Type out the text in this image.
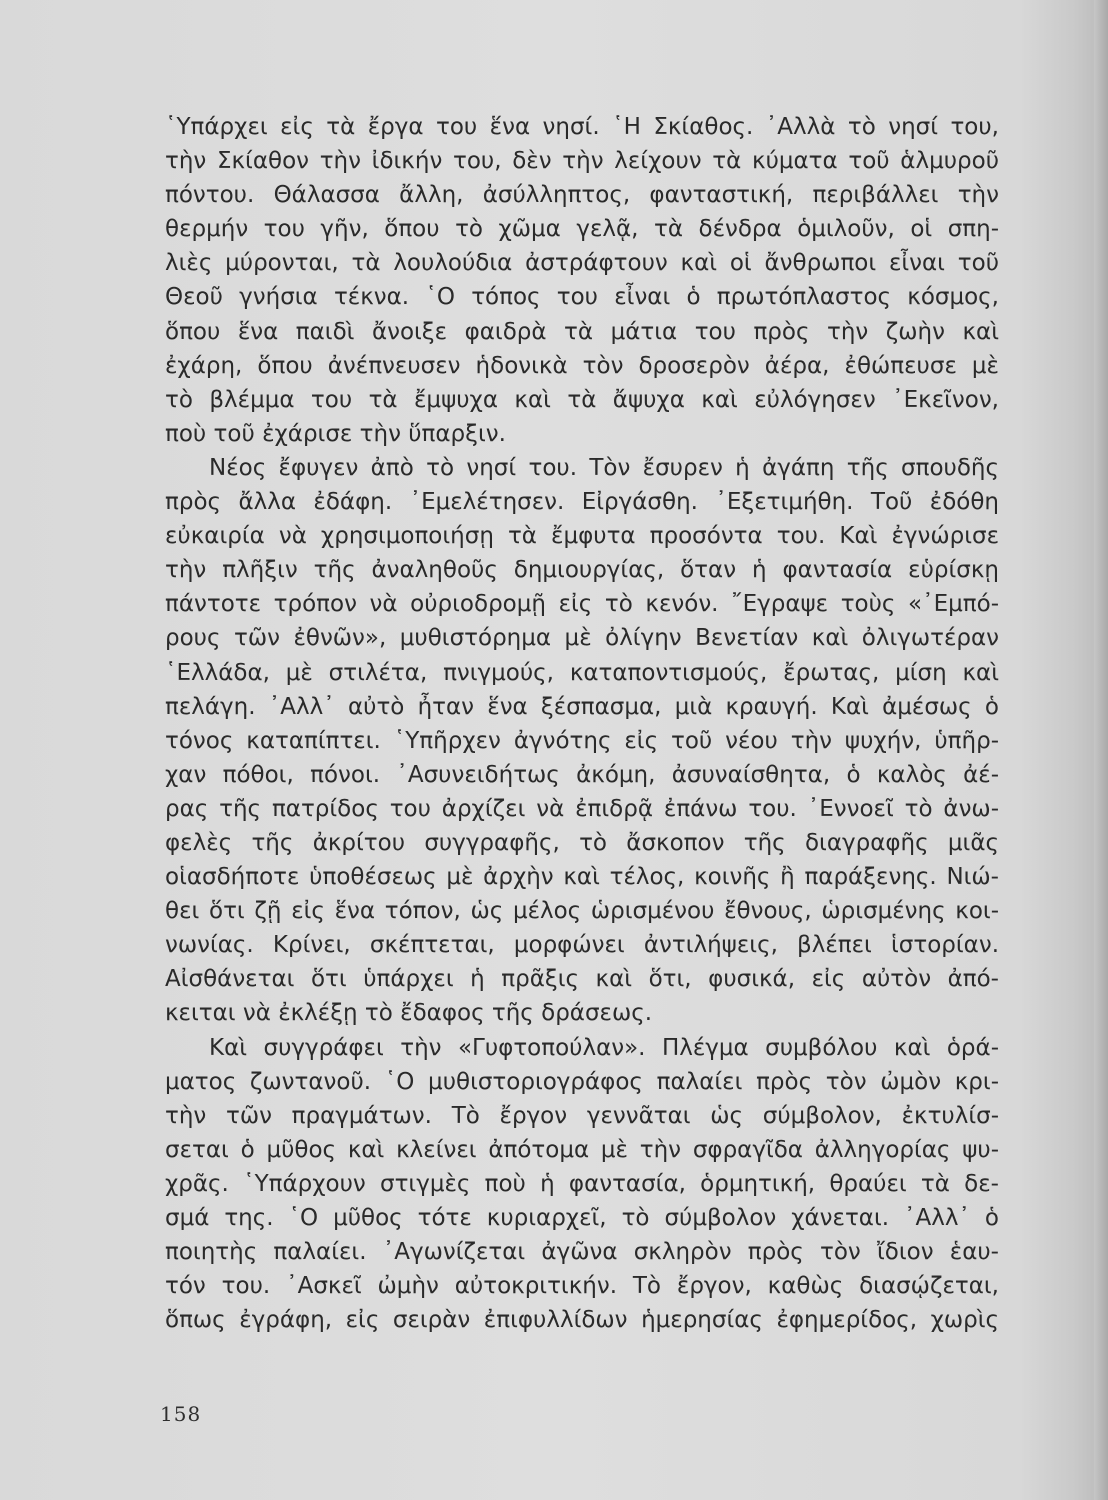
῾Υπάρχει εἰς τὰ ἔργα του ἕνα νησί. ῾Η Σκίαθος. ᾿Αλλὰ τὸ νησί του,
τὴν Σκίαθον τὴν ἰδικήν του, δὲν τὴν λείχουν τὰ κύματα τοῦ ἁλμυροῦ
πόντου. Θάλασσα ἄλλη, ἀσύλληπτος, φανταστική, περιβάλλει τὴν
θερμήν του γῆν, ὅπου τὸ χῶμα γελᾷ, τὰ δένδρα ὁμιλοῦν, οἱ σπη-
λιὲς μύρονται, τὰ λουλούδια ἀστράφτουν καὶ οἱ ἄνθρωποι εἶναι τοῦ
Θεοῦ γνήσια τέκνα. ῾Ο τόπος του εἶναι ὁ πρωτόπλαστος κόσμος,
ὅπου ἕνα παιδὶ ἄνοιξε φαιδρὰ τὰ μάτια του πρὸς τὴν ζωὴν καὶ
ἐχάρη, ὅπου ἀνέπνευσεν ἡδονικὰ τὸν δροσερὸν ἀέρα, ἐθώπευσε μὲ
τὸ βλέμμα του τὰ ἔμψυχα καὶ τὰ ἄψυχα καὶ εὐλόγησεν ᾿Εκεῖνον,
ποὺ τοῦ ἐχάρισε τὴν ὕπαρξιν.
Νέος ἔφυγεν ἀπὸ τὸ νησί του. Τὸν ἔσυρεν ἡ ἀγάπη τῆς σπουδῆς
πρὸς ἄλλα ἐδάφη. ᾿Εμελέτησεν. Εἰργάσθη. ᾿Εξετιμήθη. Τοῦ ἐδόθη
εὐκαιρία νὰ χρησιμοποιήσῃ τὰ ἔμφυτα προσόντα του. Καὶ ἐγνώρισε
τὴν πλῆξιν τῆς ἀναληθοῦς δημιουργίας, ὅταν ἡ φαντασία εὑρίσκῃ
πάντοτε τρόπον νὰ οὐριοδρομῇ εἰς τὸ κενόν. ῎Εγραψε τοὺς «᾿Εμπό-
ρους τῶν ἐθνῶν», μυθιστόρημα μὲ ὀλίγην Βενετίαν καὶ ὀλιγωτέραν
῾Ελλάδα, μὲ στιλέτα, πνιγμούς, καταποντισμούς, ἔρωτας, μίση καὶ
πελάγη. ᾿Αλλ᾿ αὐτὸ ἦταν ἕνα ξέσπασμα, μιὰ κραυγή. Καὶ ἀμέσως ὁ
τόνος καταπίπτει. ῾Υπῆρχεν ἀγνότης εἰς τοῦ νέου τὴν ψυχήν, ὑπῆρ-
χαν πόθοι, πόνοι. ᾿Ασυνειδήτως ἀκόμη, ἀσυναίσθητα, ὁ καλὸς ἀέ-
ρας τῆς πατρίδος του ἀρχίζει νὰ ἐπιδρᾷ ἐπάνω του. ᾿Εννοεῖ τὸ ἀνω-
φελὲς τῆς ἀκρίτου συγγραφῆς, τὸ ἄσκοπον τῆς διαγραφῆς μιᾶς
οἱασδήποτε ὑποθέσεως μὲ ἀρχὴν καὶ τέλος, κοινῆς ἢ παράξενης. Νιώ-
θει ὅτι ζῇ εἰς ἕνα τόπον, ὡς μέλος ὡρισμένου ἔθνους, ὡρισμένης κοι-
νωνίας. Κρίνει, σκέπτεται, μορφώνει ἀντιλήψεις, βλέπει ἱστορίαν.
Αἰσθάνεται ὅτι ὑπάρχει ἡ πρᾶξις καὶ ὅτι, φυσικά, εἰς αὐτὸν ἀπό-
κειται νὰ ἐκλέξῃ τὸ ἔδαφος τῆς δράσεως.
Καὶ συγγράφει τὴν «Γυφτοπούλαν». Πλέγμα συμβόλου καὶ ὁρά-
ματος ζωντανοῦ. ῾Ο μυθιστοριογράφος παλαίει πρὸς τὸν ὠμὸν κρι-
τὴν τῶν πραγμάτων. Τὸ ἔργον γεννᾶται ὡς σύμβολον, ἐκτυλίσ-
σεται ὁ μῦθος καὶ κλείνει ἀπότομα μὲ τὴν σφραγῖδα ἀλληγορίας ψυ-
χρᾶς. ῾Υπάρχουν στιγμὲς ποὺ ἡ φαντασία, ὁρμητική, θραύει τὰ δε-
σμά της. ῾Ο μῦθος τότε κυριαρχεῖ, τὸ σύμβολον χάνεται. ᾿Αλλ᾿ ὁ
ποιητὴς παλαίει. ᾿Αγωνίζεται ἀγῶνα σκληρὸν πρὸς τὸν ἴδιον ἑαυ-
τόν του. ᾿Ασκεῖ ὠμὴν αὐτοκριτικήν. Τὸ ἔργον, καθὼς διασῴζεται,
ὅπως ἐγράφη, εἰς σειρὰν ἐπιφυλλίδων ἡμερησίας ἐφημερίδος, χωρὶς
158
